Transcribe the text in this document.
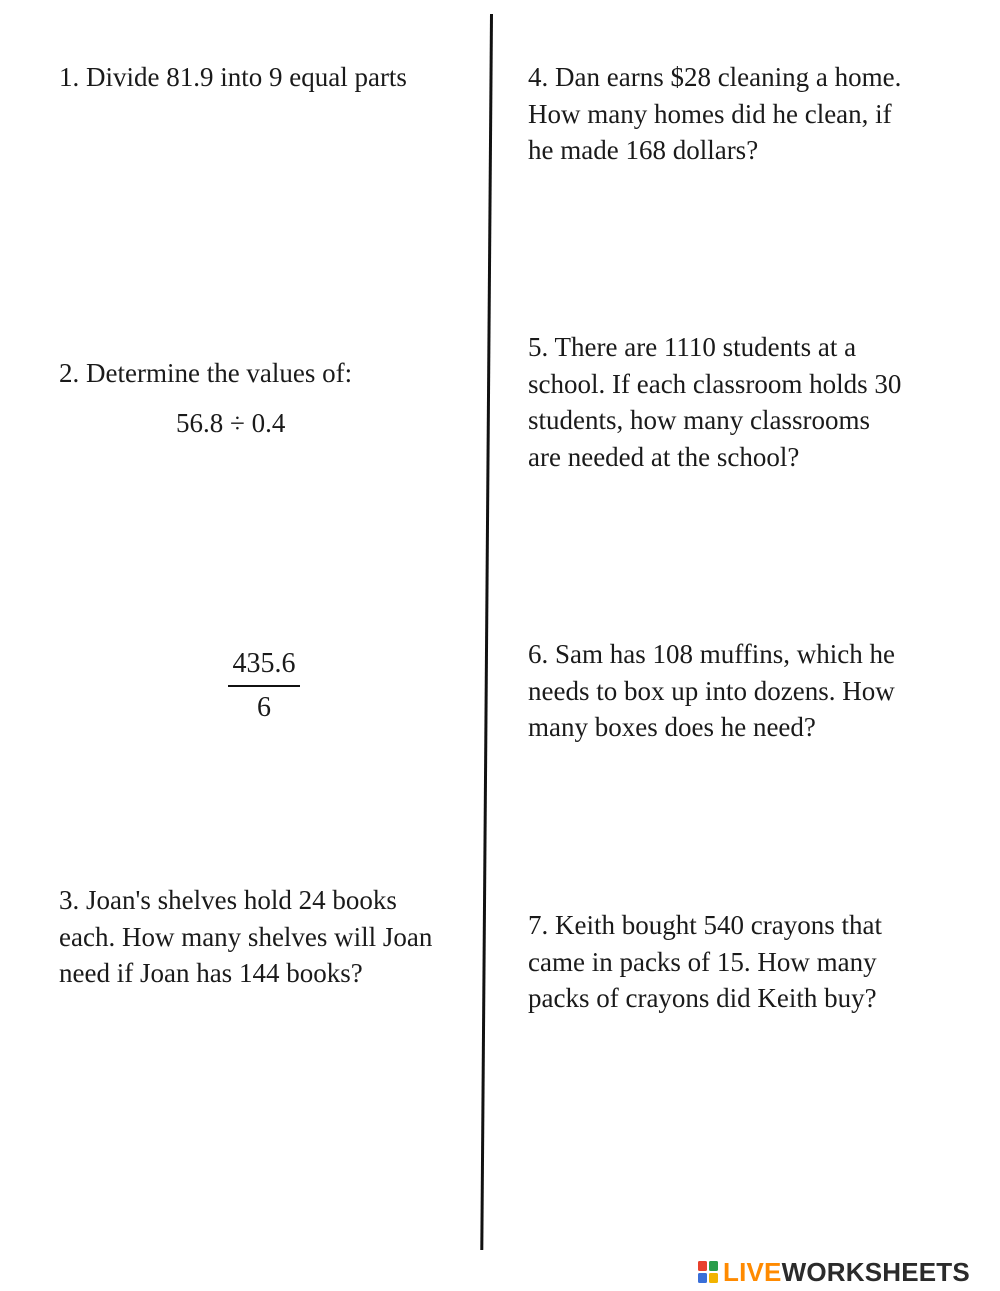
1. Divide 81.9 into 9 equal parts
2. Determine the values of:
56.8 ÷ 0.4
435.6
6
3. Joan's shelves hold 24 books
each. How many shelves will Joan
need if Joan has 144 books?
4. Dan earns $28 cleaning a home.
How many homes did he clean, if
he made 168 dollars?
5. There are 1110 students at a
school. If each classroom holds 30
students, how many classrooms
are needed at the school?
6. Sam has 108 muffins, which he
needs to box up into dozens. How
many boxes does he need?
7. Keith bought 540 crayons that
came in packs of 15. How many
packs of crayons did Keith buy?
LIVEWORKSHEETS
